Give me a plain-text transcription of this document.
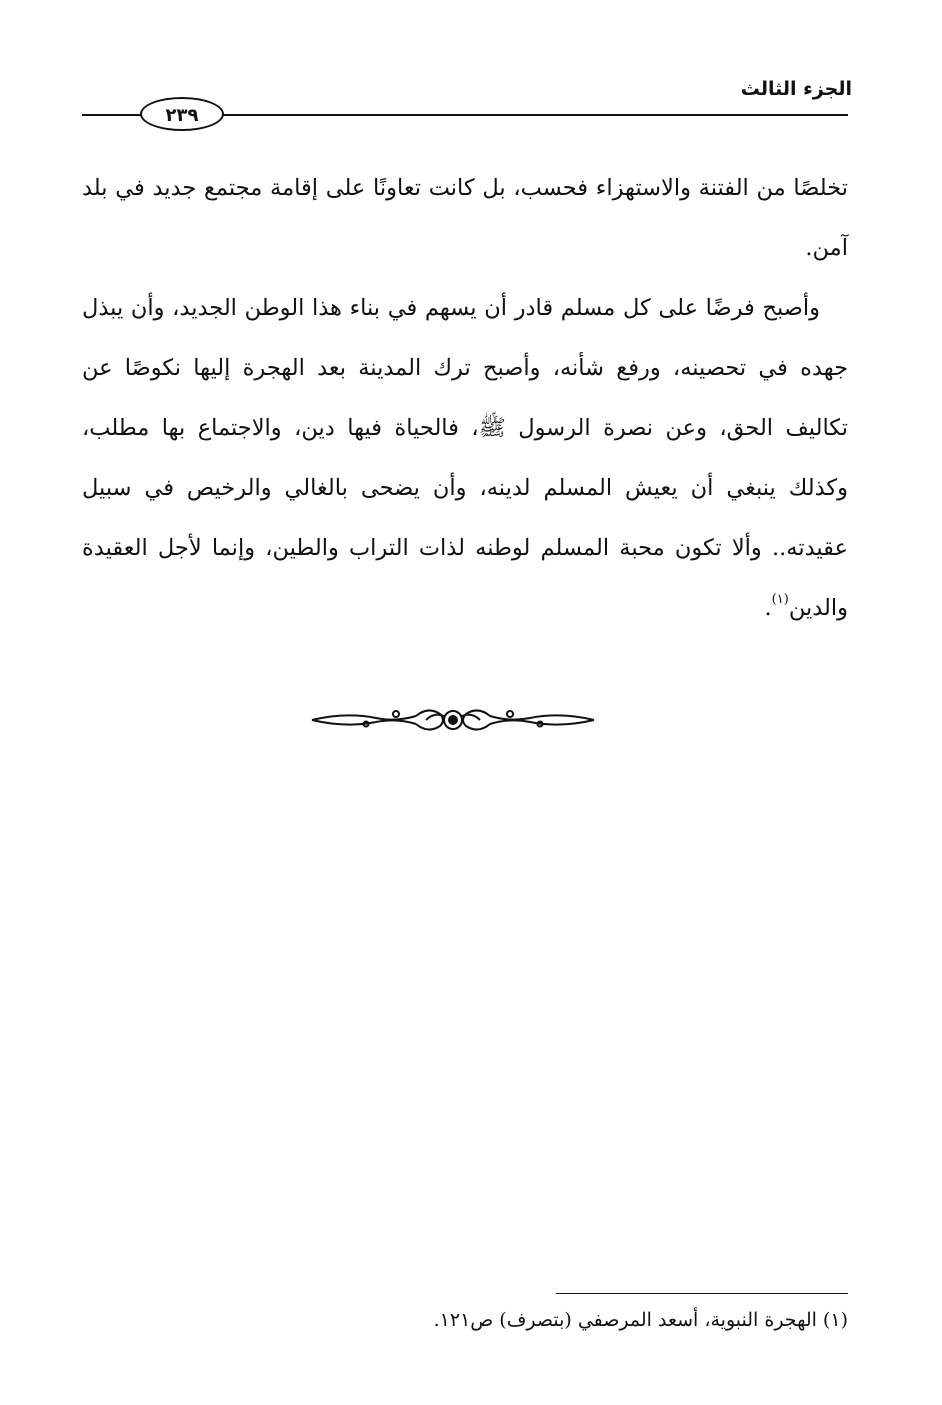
الجزء الثالث
٢٣٩

تخلصًا من الفتنة والاستهزاء فحسب، بل كانت تعاونًا على إقامة مجتمع جديد في بلد آمن.

وأصبح فرضًا على كل مسلم قادر أن يسهم في بناء هذا الوطن الجديد، وأن يبذل جهده في تحصينه، ورفع شأنه، وأصبح ترك المدينة بعد الهجرة إليها نكوصًا عن تكاليف الحق، وعن نصرة الرسول ﷺ، فالحياة فيها دين، والاجتماع بها مطلب، وكذلك ينبغي أن يعيش المسلم لدينه، وأن يضحى بالغالي والرخيص في سبيل عقيدته.. وألا تكون محبة المسلم لوطنه لذات التراب والطين، وإنما لأجل العقيدة والدين$^{(١)}$.

(١) الهجرة النبوية، أسعد المرصفي (بتصرف) ص١٢١.
